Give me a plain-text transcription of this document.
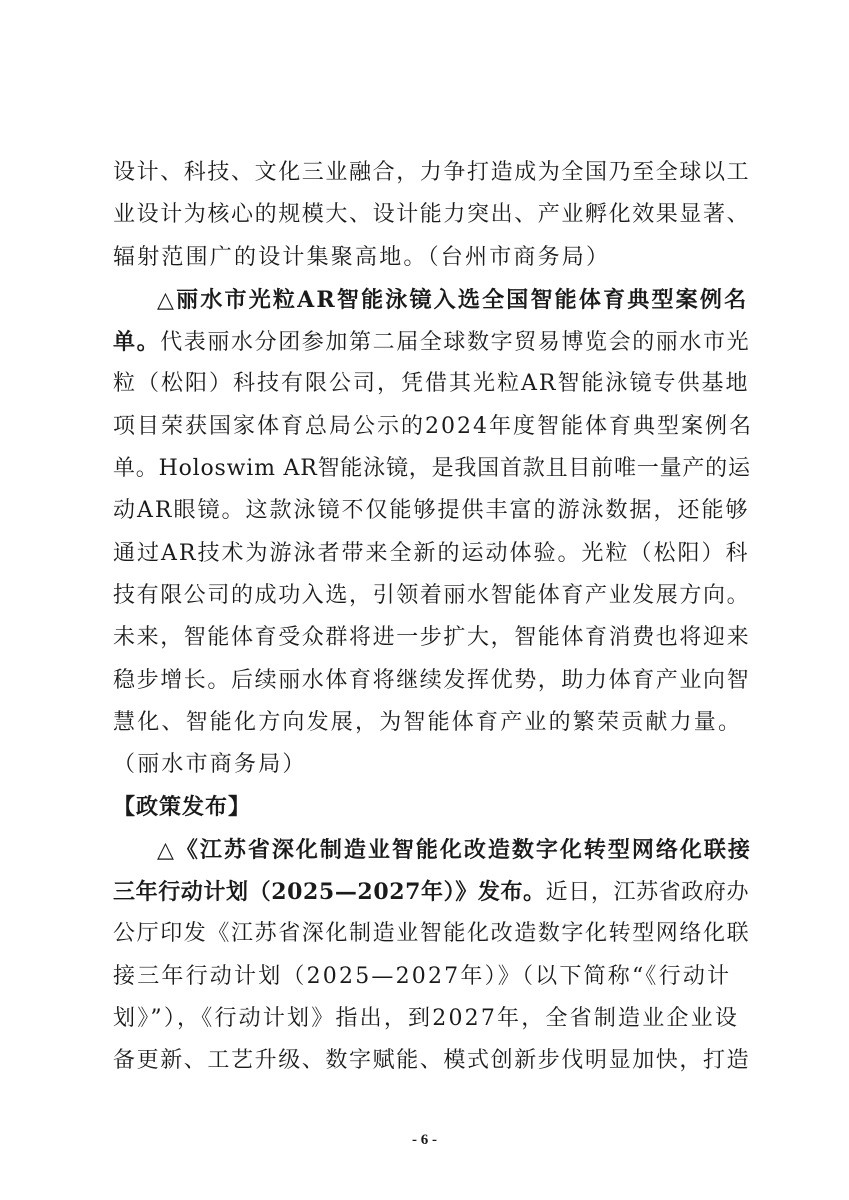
设计、科技、文化三业融合，力争打造成为全国乃至全球以工
业设计为核心的规模大、设计能力突出、产业孵化效果显著、
辐射范围广的设计集聚高地。（台州市商务局）
△丽水市光粒AR智能泳镜入选全国智能体育典型案例名
单。代表丽水分团参加第二届全球数字贸易博览会的丽水市光
粒（松阳）科技有限公司，凭借其光粒AR智能泳镜专供基地
项目荣获国家体育总局公示的2024年度智能体育典型案例名
单。Holoswim AR智能泳镜，是我国首款且目前唯一量产的运
动AR眼镜。这款泳镜不仅能够提供丰富的游泳数据，还能够
通过AR技术为游泳者带来全新的运动体验。光粒（松阳）科
技有限公司的成功入选，引领着丽水智能体育产业发展方向。
未来，智能体育受众群将进一步扩大，智能体育消费也将迎来
稳步增长。后续丽水体育将继续发挥优势，助力体育产业向智
慧化、智能化方向发展，为智能体育产业的繁荣贡献力量。
（丽水市商务局）
【政策发布】
△《江苏省深化制造业智能化改造数字化转型网络化联接
三年行动计划（2025—2027年）》发布。近日，江苏省政府办
公厅印发《江苏省深化制造业智能化改造数字化转型网络化联
接三年行动计划（2025—2027年）》（以下简称“《行动计
划》”），《行动计划》指出，到2027年，全省制造业企业设
备更新、工艺升级、数字赋能、模式创新步伐明显加快，打造
- 6 -
